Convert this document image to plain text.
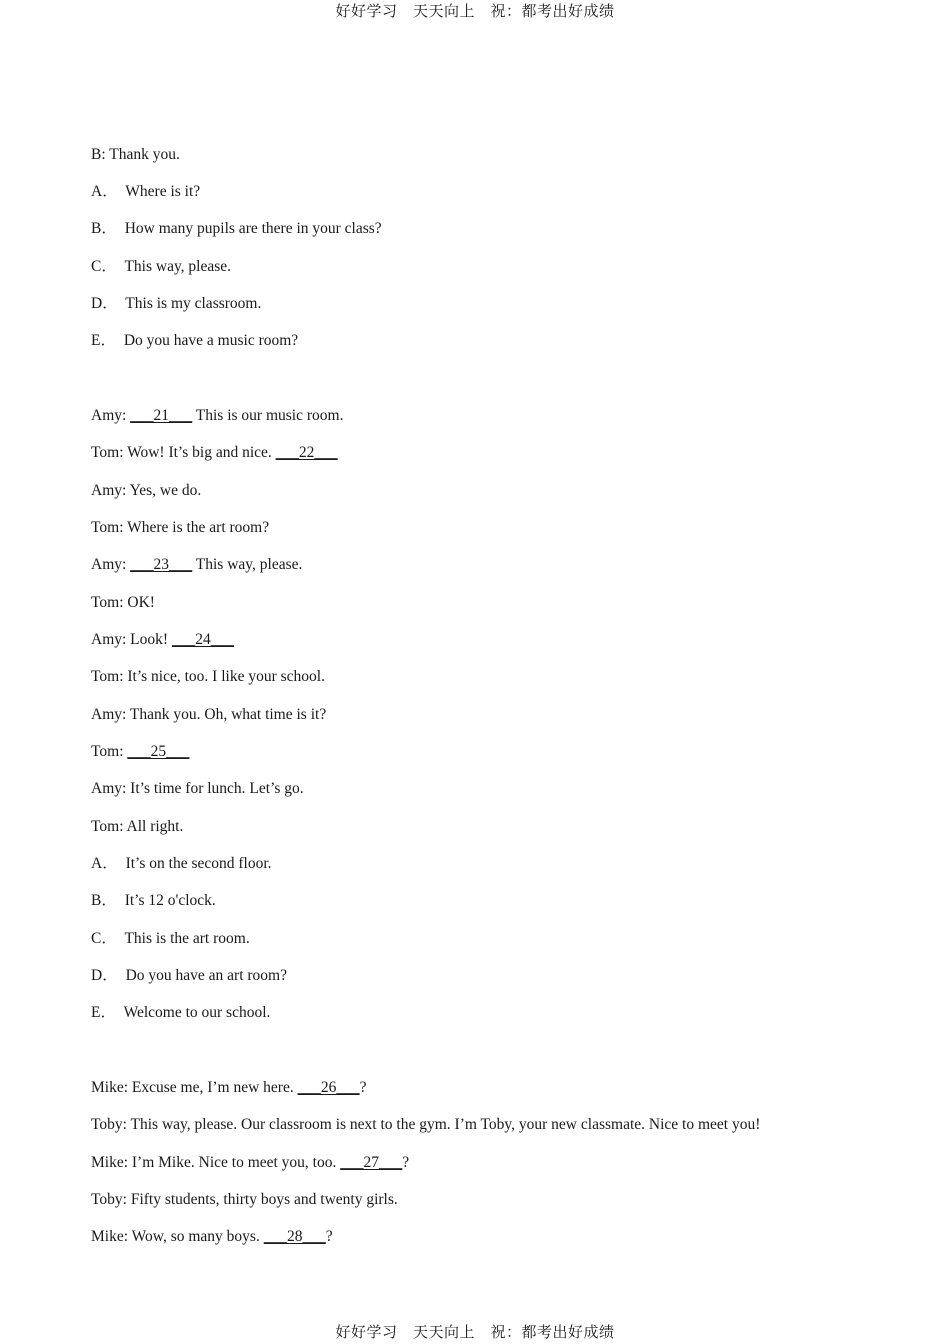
好好学习　天天向上　祝：都考出好成绩
B: Thank you.
A． Where is it?
B． How many pupils are there in your class?
C． This way, please.
D． This is my classroom.
E． Do you have a music room?
Amy: ___21___ This is our music room.
Tom: Wow! It’s big and nice. ___22___
Amy: Yes, we do.
Tom: Where is the art room?
Amy: ___23___ This way, please.
Tom: OK!
Amy: Look! ___24___
Tom: It’s nice, too. I like your school.
Amy: Thank you. Oh, what time is it?
Tom: ___25___
Amy: It’s time for lunch. Let’s go.
Tom: All right.
A． It’s on the second floor.
B． It’s 12 o'clock.
C． This is the art room.
D． Do you have an art room?
E． Welcome to our school.
Mike: Excuse me, I’m new here. ___26___?
Toby: This way, please. Our classroom is next to the gym. I’m Toby, your new classmate. Nice to meet you!
Mike: I’m Mike. Nice to meet you, too. ___27___?
Toby: Fifty students, thirty boys and twenty girls.
Mike: Wow, so many boys. ___28___?
好好学习　天天向上　祝：都考出好成绩
